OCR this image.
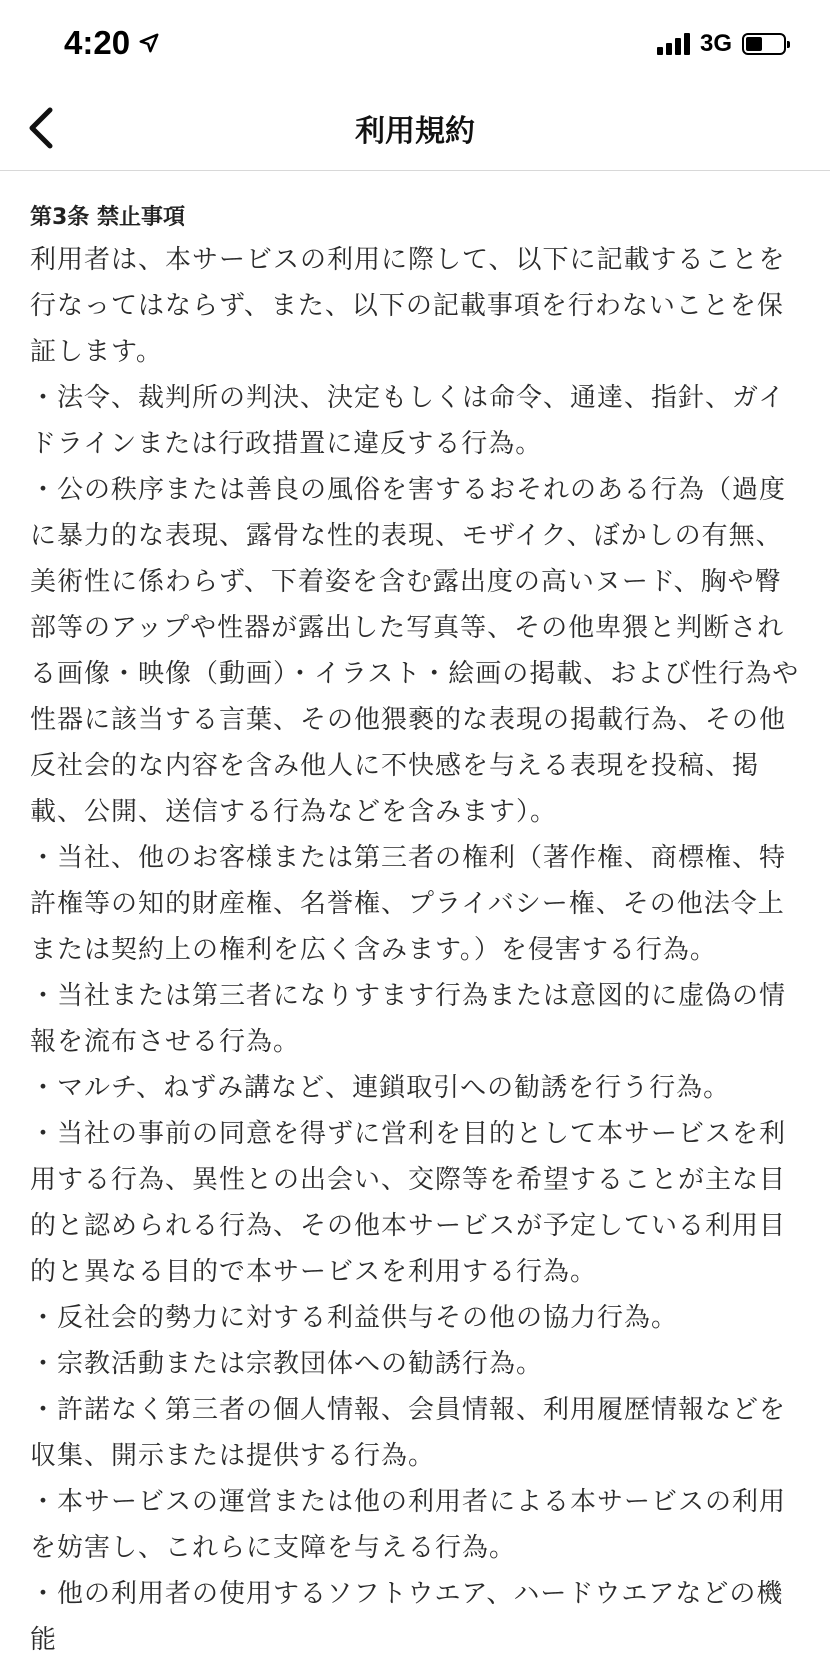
4:20	3G
利用規約
第3条 禁止事項

利用者は、本サービスの利用に際して、以下に記載することを行なってはならず、また、以下の記載事項を行わないことを保証します。

・法令、裁判所の判決、決定もしくは命令、通達、指針、ガイドラインまたは行政措置に違反する行為。

・公の秩序または善良の風俗を害するおそれのある行為（過度に暴力的な表現、露骨な性的表現、モザイク、ぼかしの有無、美術性に係わらず、下着姿を含む露出度の高いヌード、胸や臀部等のアップや性器が露出した写真等、その他卑猥と判断される画像・映像（動画）・イラスト・絵画の掲載、および性行為や性器に該当する言葉、その他猥褻的な表現の掲載行為、その他反社会的な内容を含み他人に不快感を与える表現を投稿、掲載、公開、送信する行為などを含みます）。

・当社、他のお客様または第三者の権利（著作権、商標権、特許権等の知的財産権、名誉権、プライバシー権、その他法令上または契約上の権利を広く含みます。）を侵害する行為。

・当社または第三者になりすます行為または意図的に虚偽の情報を流布させる行為。

・マルチ、ねずみ講など、連鎖取引への勧誘を行う行為。

・当社の事前の同意を得ずに営利を目的として本サービスを利用する行為、異性との出会い、交際等を希望することが主な目的と認められる行為、その他本サービスが予定している利用目的と異なる目的で本サービスを利用する行為。

・反社会的勢力に対する利益供与その他の協力行為。

・宗教活動または宗教団体への勧誘行為。

・許諾なく第三者の個人情報、会員情報、利用履歴情報などを収集、開示または提供する行為。

・本サービスの運営または他の利用者による本サービスの利用を妨害し、これらに支障を与える行為。

・他の利用者の使用するソフトウエア、ハードウエアなどの機能
